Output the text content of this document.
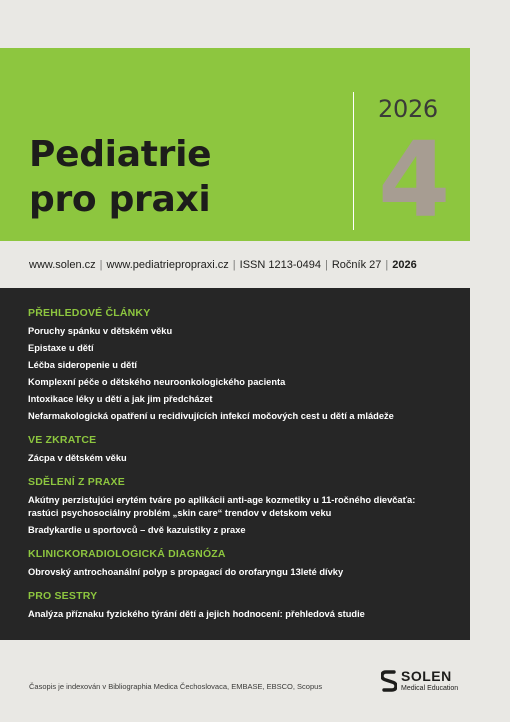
Pediatrie
pro praxi
2026
4
www.solen.cz | www.pediatriepropraxi.cz | ISSN 1213-0494 | Ročník 27 | 2026

PŘEHLEDOVÉ ČLÁNKY

Poruchy spánku v dětském věku

Epistaxe u dětí

Léčba sideropenie u dětí

Komplexní péče o dětského neuroonkologického pacienta

Intoxikace léky u dětí a jak jim předcházet

Nefarmakologická opatření u recidivujících infekcí močových cest u dětí a mládeže

VE ZKRATCE

Zácpa v dětském věku

SDĚLENÍ Z PRAXE

Akútny perzistujúci erytém tváre po aplikácii anti-age kozmetiky u 11-ročného dievčaťa:

rastúci psychosociálny problém „skin care“ trendov v detskom veku

Bradykardie u sportovců – dvě kazuistiky z praxe

KLINICKORADIOLOGICKÁ DIAGNÓZA

Obrovský antrochoanální polyp s propagací do orofaryngu 13leté dívky

PRO SESTRY

Analýza příznaku fyzického týrání dětí a jejich hodnocení: přehledová studie

Časopis je indexován v Bibliographia Medica Čechoslovaca, EMBASE, EBSCO, Scopus
SOLEN
Medical Education
